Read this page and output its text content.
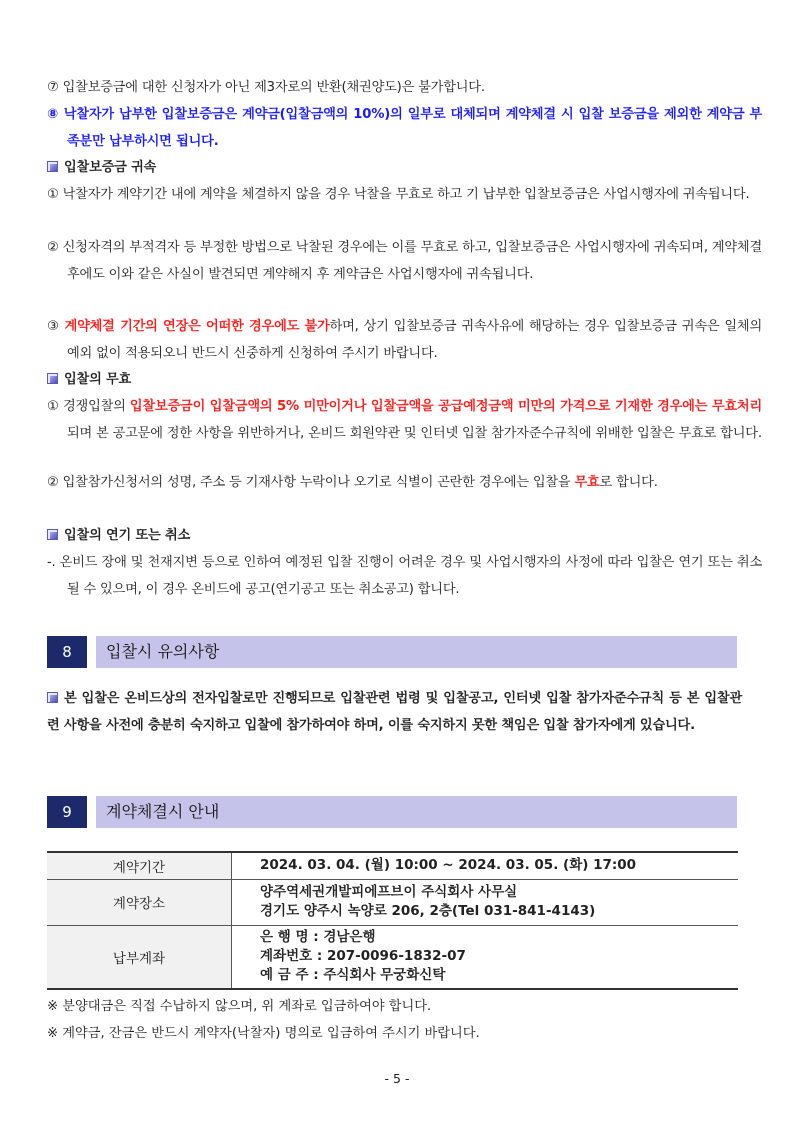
⑦ 입찰보증금에 대한 신청자가 아닌 제3자로의 반환(채권양도)은 불가합니다.
⑧ 낙찰자가 납부한 입찰보증금은 계약금(입찰금액의 10%)의 일부로 대체되며 계약체결 시 입찰 보증금을 제외한 계약금 부족분만 납부하시면 됩니다.
입찰보증금 귀속
① 낙찰자가 계약기간 내에 계약을 체결하지 않을 경우 낙찰을 무효로 하고 기 납부한 입찰보증금은 사업시행자에 귀속됩니다.
② 신청자격의 부적격자 등 부정한 방법으로 낙찰된 경우에는 이를 무효로 하고, 입찰보증금은 사업시행자에 귀속되며, 계약체결 후에도 이와 같은 사실이 발견되면 계약해지 후 계약금은 사업시행자에 귀속됩니다.
③ 계약체결 기간의 연장은 어떠한 경우에도 불가하며, 상기 입찰보증금 귀속사유에 해당하는 경우 입찰보증금 귀속은 일체의 예외 없이 적용되오니 반드시 신중하게 신청하여 주시기 바랍니다.
입찰의 무효
① 경쟁입찰의 입찰보증금이 입찰금액의 5% 미만이거나 입찰금액을 공급예정금액 미만의 가격으로 기재한 경우에는 무효처리 되며 본 공고문에 정한 사항을 위반하거나, 온비드 회원약관 및 인터넷 입찰 참가자준수규칙에 위배한 입찰은 무효로 합니다.
② 입찰참가신청서의 성명, 주소 등 기재사항 누락이나 오기로 식별이 곤란한 경우에는 입찰을 무효로 합니다.
입찰의 연기 또는 취소
-. 온비드 장애 및 천재지변 등으로 인하여 예정된 입찰 진행이 어려운 경우 및 사업시행자의 사정에 따라 입찰은 연기 또는 취소될 수 있으며, 이 경우 온비드에 공고(연기공고 또는 취소공고) 합니다.
8	입찰시 유의사항
본 입찰은 온비드상의 전자입찰로만 진행되므로 입찰관련 법령 및 입찰공고, 인터넷 입찰 참가자준수규칙 등 본 입찰관련 사항을 사전에 충분히 숙지하고 입찰에 참가하여야 하며, 이를 숙지하지 못한 책임은 입찰 참가자에게 있습니다.
9	계약체결시 안내
계약기간	2024. 03. 04. (월) 10:00 ~ 2024. 03. 05. (화) 17:00

계약장소	양주역세권개발피에프브이 주식회사 사무실
경기도 양주시 녹양로 206, 2층(Tel 031-841-4143)

납부계좌	은 행 명 : 경남은행
계좌번호 : 207-0096-1832-07
예 금 주 : 주식회사 무궁화신탁
※ 분양대금은 직접 수납하지 않으며, 위 계좌로 입금하여야 합니다.
※ 계약금, 잔금은 반드시 계약자(낙찰자) 명의로 입금하여 주시기 바랍니다.
- 5 -
